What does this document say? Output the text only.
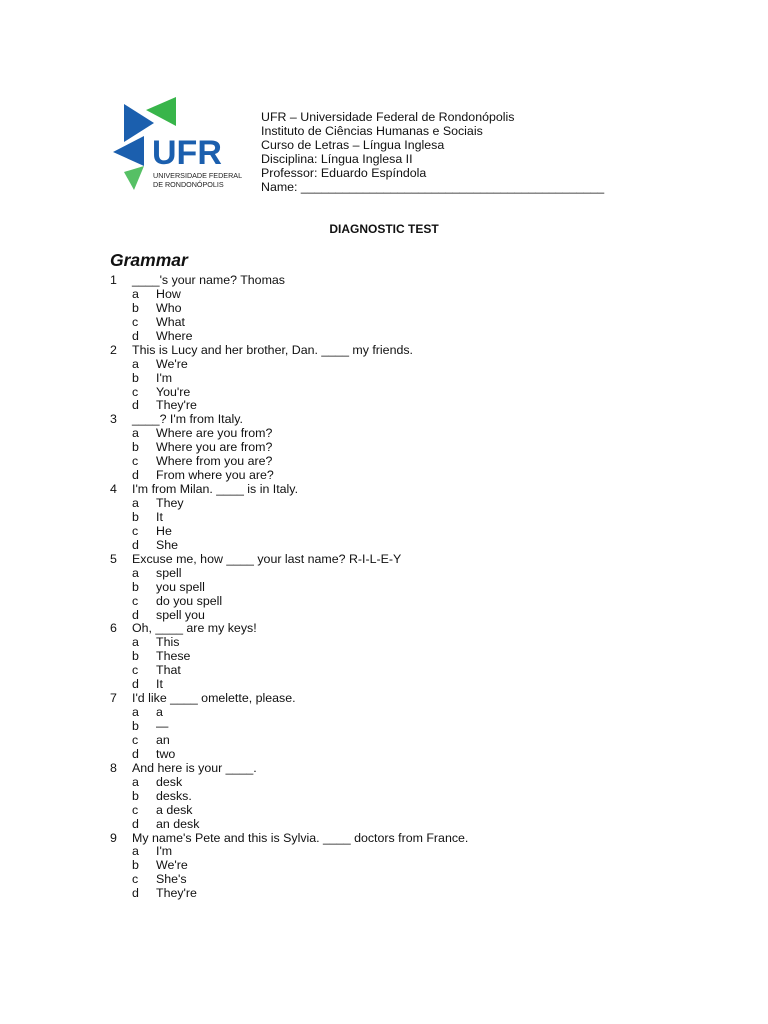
UFR
UNIVERSIDADE FEDERAL
DE RONDONÓPOLIS
UFR – Universidade Federal de Rondonópolis
Instituto de Ciências Humanas e Sociais
Curso de Letras – Língua Inglesa
Disciplina: Língua Inglesa II
Professor: Eduardo Espíndola
Name: ____________________________________________
DIAGNOSTIC TEST
Grammar
1 ____'s your name? Thomas
a How
b Who
c What
d Where
2 This is Lucy and her brother, Dan. ____ my friends.
a We're
b I'm
c You're
d They're
3 ____? I'm from Italy.
a Where are you from?
b Where you are from?
c Where from you are?
d From where you are?
4 I'm from Milan. ____ is in Italy.
a They
b It
c He
d She
5 Excuse me, how ____ your last name? R-I-L-E-Y
a spell
b you spell
c do you spell
d spell you
6 Oh, ____ are my keys!
a This
b These
c That
d It
7 I'd like ____ omelette, please.
a a
b —
c an
d two
8 And here is your ____.
a desk
b desks.
c a desk
d an desk
9 My name's Pete and this is Sylvia. ____ doctors from France.
a I'm
b We're
c She's
d They're
